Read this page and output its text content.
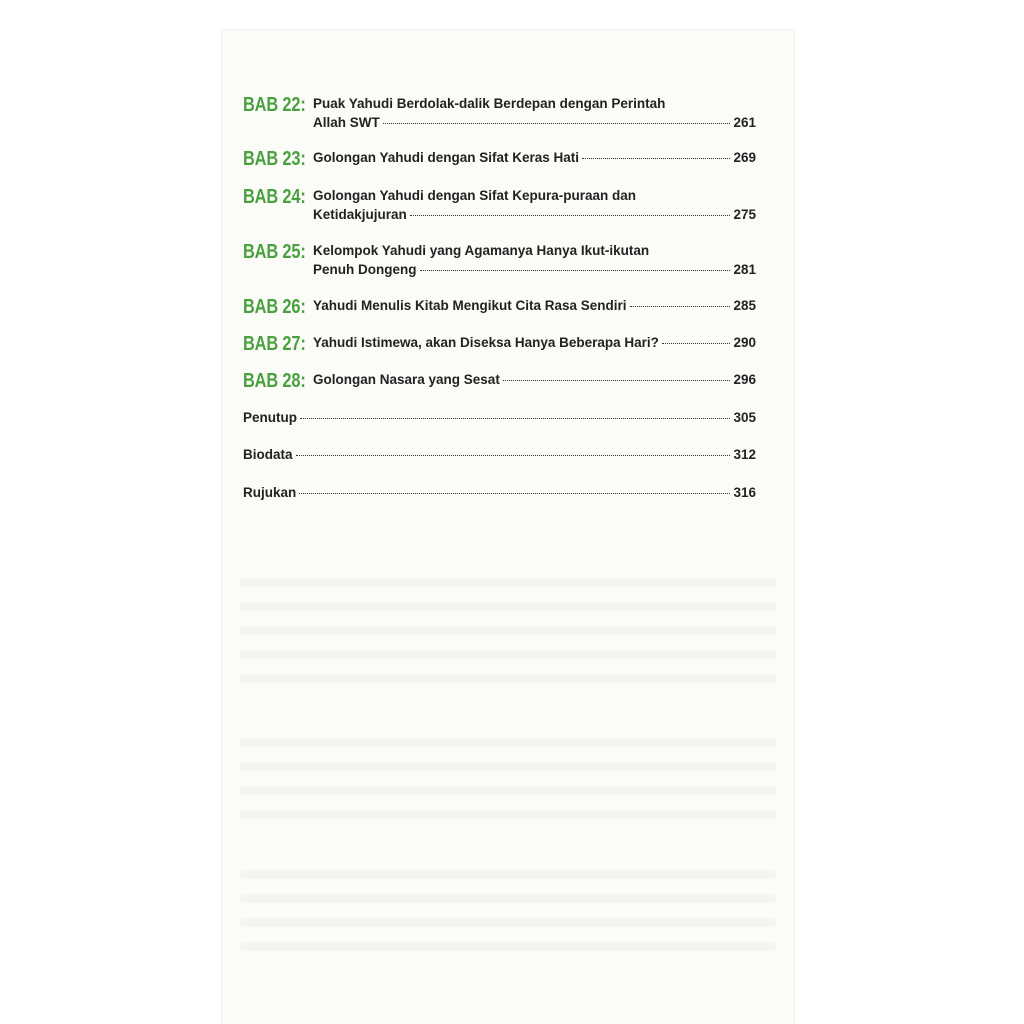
BAB 22: Puak Yahudi Berdolak-dalik Berdepan dengan Perintah
Allah SWT	261
BAB 23: Golongan Yahudi dengan Sifat Keras Hati	269
BAB 24: Golongan Yahudi dengan Sifat Kepura-puraan dan
Ketidakjujuran	275
BAB 25: Kelompok Yahudi yang Agamanya Hanya Ikut-ikutan
Penuh Dongeng	281
BAB 26: Yahudi Menulis Kitab Mengikut Cita Rasa Sendiri	285
BAB 27: Yahudi Istimewa, akan Diseksa Hanya Beberapa Hari?	290
BAB 28: Golongan Nasara yang Sesat	296
Penutup	305
Biodata	312
Rujukan	316
